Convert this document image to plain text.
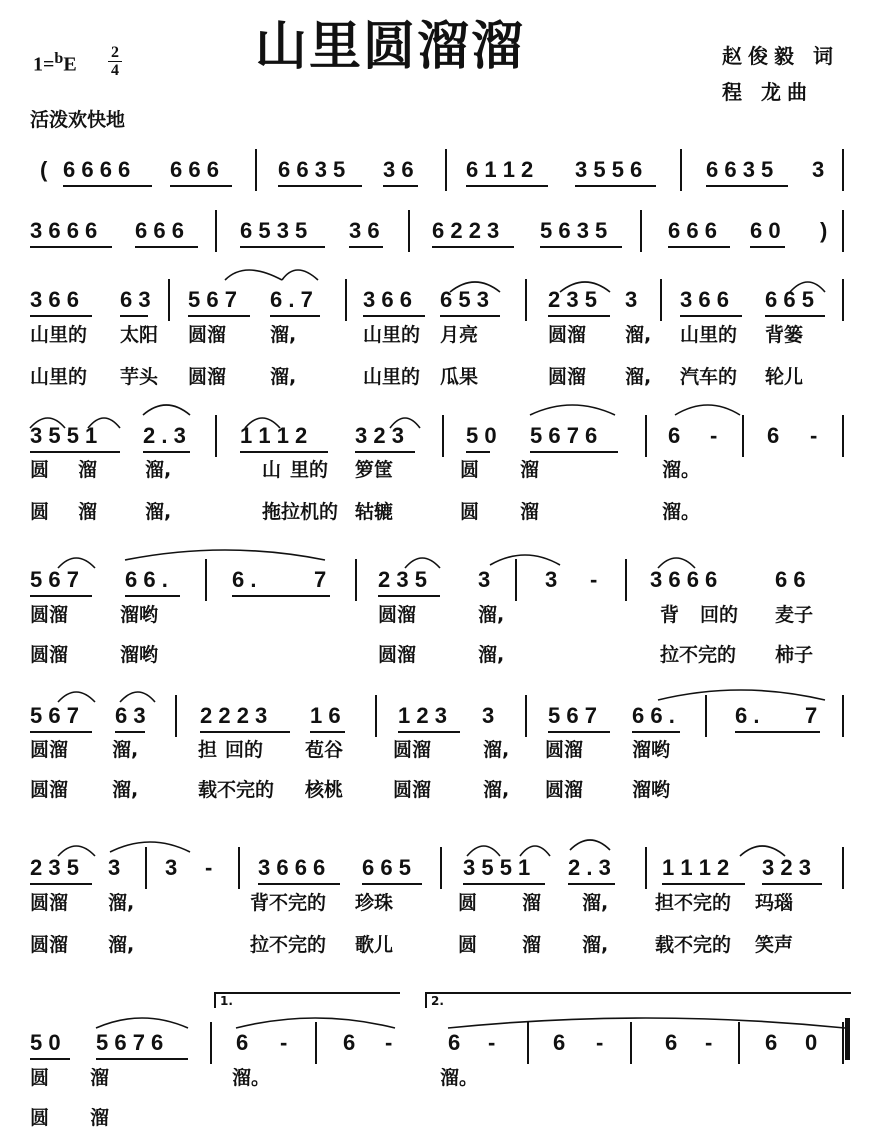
山里圆溜溜
1=$^b$E
2
4
赵俊毅 词
程 龙曲
活泼欢快地
( 6 6 6 6 6 6 6	6 6 3 5 3 6 6 1 1 2 3 5 5 6	6 6 3 5 3
3 6 6 6 6 6 6	6 5 3 5 3 6 6 2 2 3 5 6 3 5	6 6 6 6 0 )
3 6 6 6 3 5 6 7 6 . 7 3 6 6 6 5 3	2 3 5 3 3 6 6 6 6 5
山里的 太阳 圆溜 溜,	山里的 月亮	圆溜 溜, 山里的 背篓
山里的 芋头 圆溜 溜,	山里的 瓜果	圆溜 溜, 汽车的 轮儿
3 5 5 1 2 . 3 1 1 1 2 3 2 3	5 0 5 6 7 6	6 - 6 -
圆 溜	溜,	山 里的 箩筐	圆 溜	溜。
圆 溜	溜,	拖拉机的 轱辘	圆 溜	溜。
5 6 7 6 6 .	6 .	7 2 3 5 3 3 - 3 6 6 6	6 6
圆溜	溜哟	圆溜	溜,	背 回的 麦子
圆溜	溜哟	圆溜	溜,	拉不完的 柿子
5 6 7 6 3 2 2 2 3 1 6	1 2 3 3 5 6 7 6 6 .	6 . 7
圆溜 溜,	担 回的 苞谷	圆溜	溜, 圆溜	溜哟
圆溜 溜,	载不完的 核桃	圆溜	溜, 圆溜	溜哟
2 3 5 3 3 - 3 6 6 6 6 6 5 3 5 5 1 2 . 3 1 1 1 2 3 2 3
圆溜 溜,	背不完的 珍珠	圆 溜 溜, 担不完的 玛瑙
圆溜 溜,	拉不完的 歌儿	圆 溜 溜, 载不完的 笑声
5 0 5 6 7 6	6 -	6 -	6 -	6 -	6 - 6 0
圆 溜	溜。	溜。
圆 溜
1.	2.
